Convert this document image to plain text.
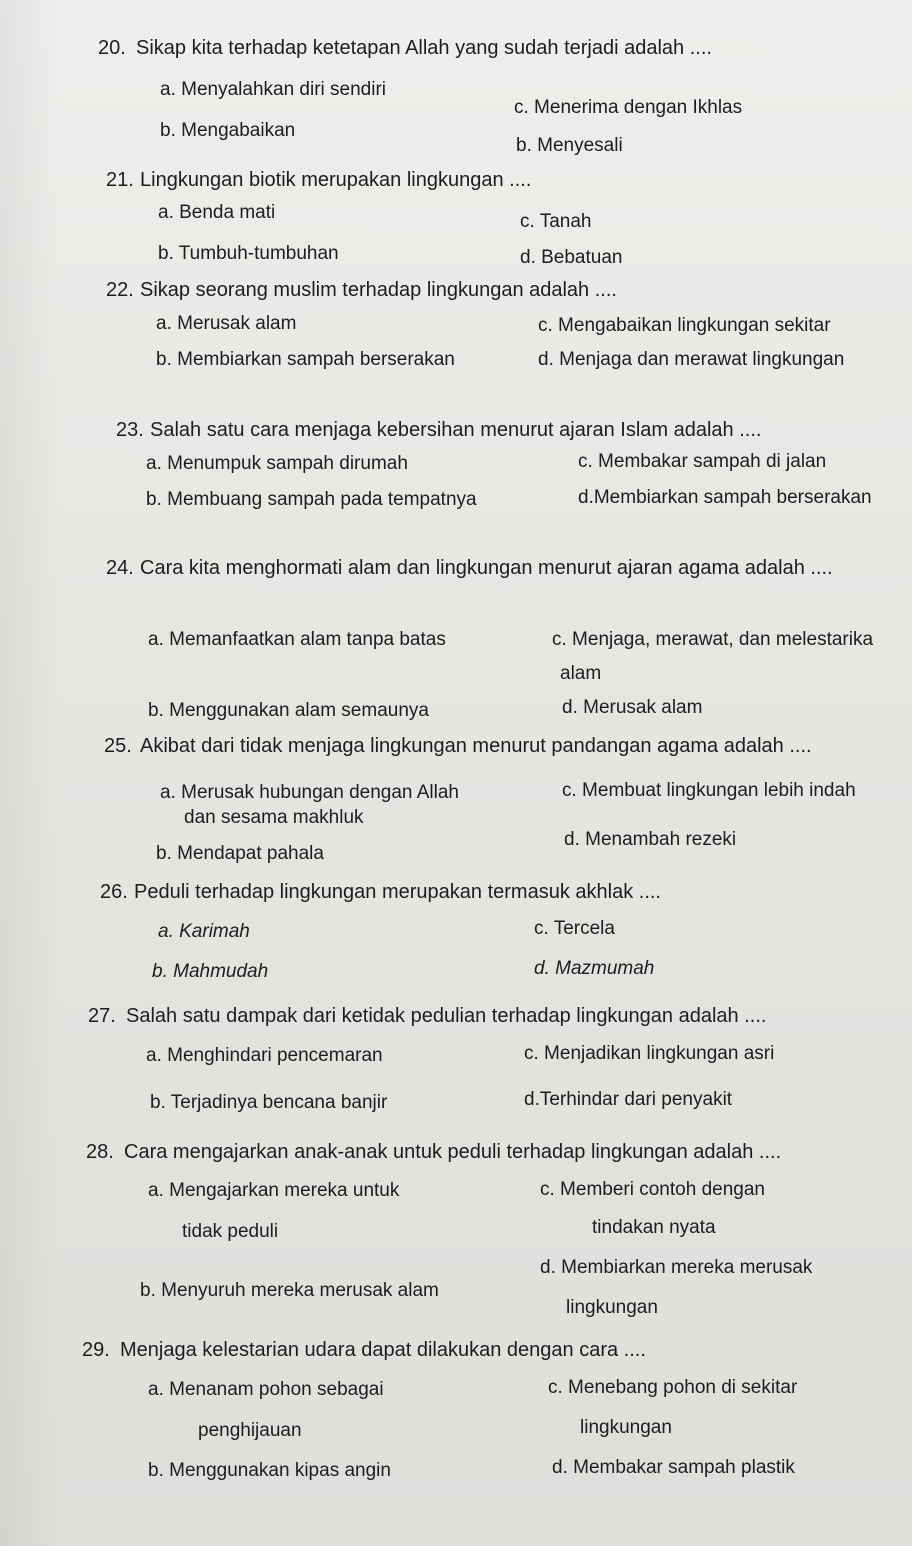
20. Sikap kita terhadap ketetapan Allah yang sudah terjadi adalah ....
a. Menyalahkan diri sendiri
c. Menerima dengan Ikhlas
b. Mengabaikan
b. Menyesali
21. Lingkungan biotik merupakan lingkungan ....
a. Benda mati	c. Tanah
b. Tumbuh-tumbuhan	d. Bebatuan
22. Sikap seorang muslim terhadap lingkungan adalah ....
a. Merusak alam	c. Mengabaikan lingkungan sekitar
b. Membiarkan sampah berserakan	d. Menjaga dan merawat lingkungan
23. Salah satu cara menjaga kebersihan menurut ajaran Islam adalah ....
a. Menumpuk sampah dirumah	c. Membakar sampah di jalan
b. Membuang sampah pada tempatnya	d.Membiarkan sampah berserakan
24. Cara kita menghormati alam dan lingkungan menurut ajaran agama adalah ....
a. Memanfaatkan alam tanpa batas	c. Menjaga, merawat, dan melestarika
alam
b. Menggunakan alam semaunya	d. Merusak alam
25. Akibat dari tidak menjaga lingkungan menurut pandangan agama adalah ....
a. Merusak hubungan dengan Allah
dan sesama makhluk
c. Membuat lingkungan lebih indah
d. Menambah rezeki
b. Mendapat pahala
26. Peduli terhadap lingkungan merupakan termasuk akhlak ....
a. Karimah	c. Tercela
b. Mahmudah	d. Mazmumah
27. Salah satu dampak dari ketidak pedulian terhadap lingkungan adalah ....
a. Menghindari pencemaran	c. Menjadikan lingkungan asri
b. Terjadinya bencana banjir	d.Terhindar dari penyakit
28. Cara mengajarkan anak-anak untuk peduli terhadap lingkungan adalah ....
a. Mengajarkan mereka untuk
tidak peduli
c. Memberi contoh dengan
tindakan nyata
d. Membiarkan mereka merusak
lingkungan
b. Menyuruh mereka merusak alam
29. Menjaga kelestarian udara dapat dilakukan dengan cara ....
a. Menanam pohon sebagai
penghijauan
c. Menebang pohon di sekitar
lingkungan
b. Menggunakan kipas angin	d. Membakar sampah plastik
